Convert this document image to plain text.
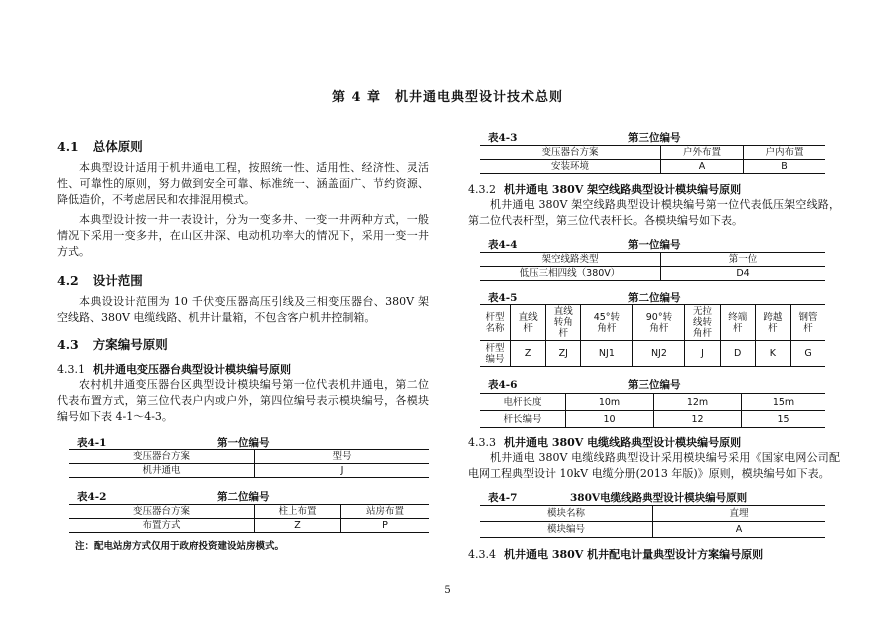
第 4 章　机井通电典型设计技术总则
4.1 总体原则
本典型设计适用于机井通电工程，按照统一性、适用性、经济性、灵活性、可靠性的原则，努力做到安全可靠、标准统一、涵盖面广、节约资源、降低造价，不考虑居民和农排混用模式。
本典型设计按一井一表设计，分为一变多井、一变一井两种方式，一般情况下采用一变多井，在山区井深、电动机功率大的情况下，采用一变一井方式。
4.2 设计范围
本典设设计范围为 10 千伏变压器高压引线及三相变压器台、380V 架空线路、380V 电缆线路、机井计量箱，不包含客户机井控制箱。
4.3 方案编号原则
4.3.1 机井通电变压器台典型设计模块编号原则
农村机井通变压器台区典型设计模块编号第一位代表机井通电，第二位代表布置方式，第三位代表户内或户外，第四位编号表示模块编号，各模块编号如下表 4-1～4-3。
表4-1	第一位编号
变压器台方案	型号
机井通电	J
表4-2	第二位编号
变压器台方案	柱上布置	站房布置
布置方式	Z	P
注：配电站房方式仅用于政府投资建设站房模式。
表4-3	第三位编号
变压器台方案	户外布置	户内布置
安装环境	A	B
4.3.2 机井通电 380V 架空线路典型设计模块编号原则
机井通电 380V 架空线路典型设计模块编号第一位代表低压架空线路，第二位代表杆型，第三位代表杆长。各模块编号如下表。
表4-4	第一位编号
架空线路类型	第一位
低压三相四线（380V）	D4
表4-5	第二位编号
杆型名称	直线杆	直线转角杆	45°转角杆	90°转角杆	无拉线转角杆	终端杆	跨越杆	钢管杆

杆型编号	Z	ZJ	NJ1	NJ2	J	D	K	G
表4-6	第三位编号
电杆长度	10m	12m	15m
杆长编号	10	12	15
4.3.3 机井通电 380V 电缆线路典型设计模块编号原则
机井通电 380V 电缆线路典型设计采用模块编号采用《国家电网公司配电网工程典型设计 10kV 电缆分册(2013 年版)》原则，模块编号如下表。
表4-7	380V电缆线路典型设计模块编号原则
模块名称	直埋
模块编号	A
4.3.4 机井通电 380V 机井配电计量典型设计方案编号原则
5
